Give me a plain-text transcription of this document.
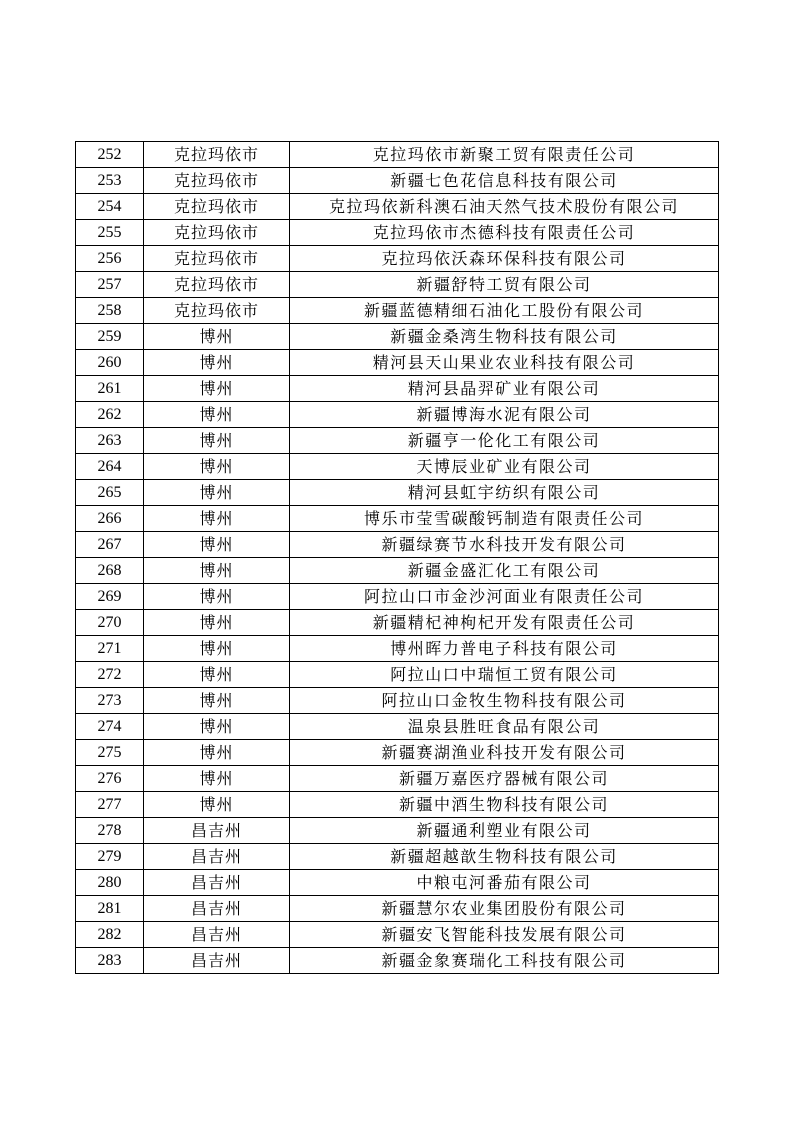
252	克拉玛依市	克拉玛依市新聚工贸有限责任公司
253	克拉玛依市	新疆七色花信息科技有限公司
254	克拉玛依市	克拉玛依新科澳石油天然气技术股份有限公司
255	克拉玛依市	克拉玛依市杰德科技有限责任公司
256	克拉玛依市	克拉玛依沃森环保科技有限公司
257	克拉玛依市	新疆舒特工贸有限公司
258	克拉玛依市	新疆蓝德精细石油化工股份有限公司
259	博州	新疆金桑湾生物科技有限公司
260	博州	精河县天山果业农业科技有限公司
261	博州	精河县晶羿矿业有限公司
262	博州	新疆博海水泥有限公司
263	博州	新疆亨一伦化工有限公司
264	博州	天博辰业矿业有限公司
265	博州	精河县虹宇纺织有限公司
266	博州	博乐市莹雪碳酸钙制造有限责任公司
267	博州	新疆绿赛节水科技开发有限公司
268	博州	新疆金盛汇化工有限公司
269	博州	阿拉山口市金沙河面业有限责任公司
270	博州	新疆精杞神枸杞开发有限责任公司
271	博州	博州晖力普电子科技有限公司
272	博州	阿拉山口中瑞恒工贸有限公司
273	博州	阿拉山口金牧生物科技有限公司
274	博州	温泉县胜旺食品有限公司
275	博州	新疆赛湖渔业科技开发有限公司
276	博州	新疆万嘉医疗器械有限公司
277	博州	新疆中酒生物科技有限公司
278	昌吉州	新疆通利塑业有限公司
279	昌吉州	新疆超越歆生物科技有限公司
280	昌吉州	中粮屯河番茄有限公司
281	昌吉州	新疆慧尔农业集团股份有限公司
282	昌吉州	新疆安飞智能科技发展有限公司
283	昌吉州	新疆金象赛瑞化工科技有限公司
